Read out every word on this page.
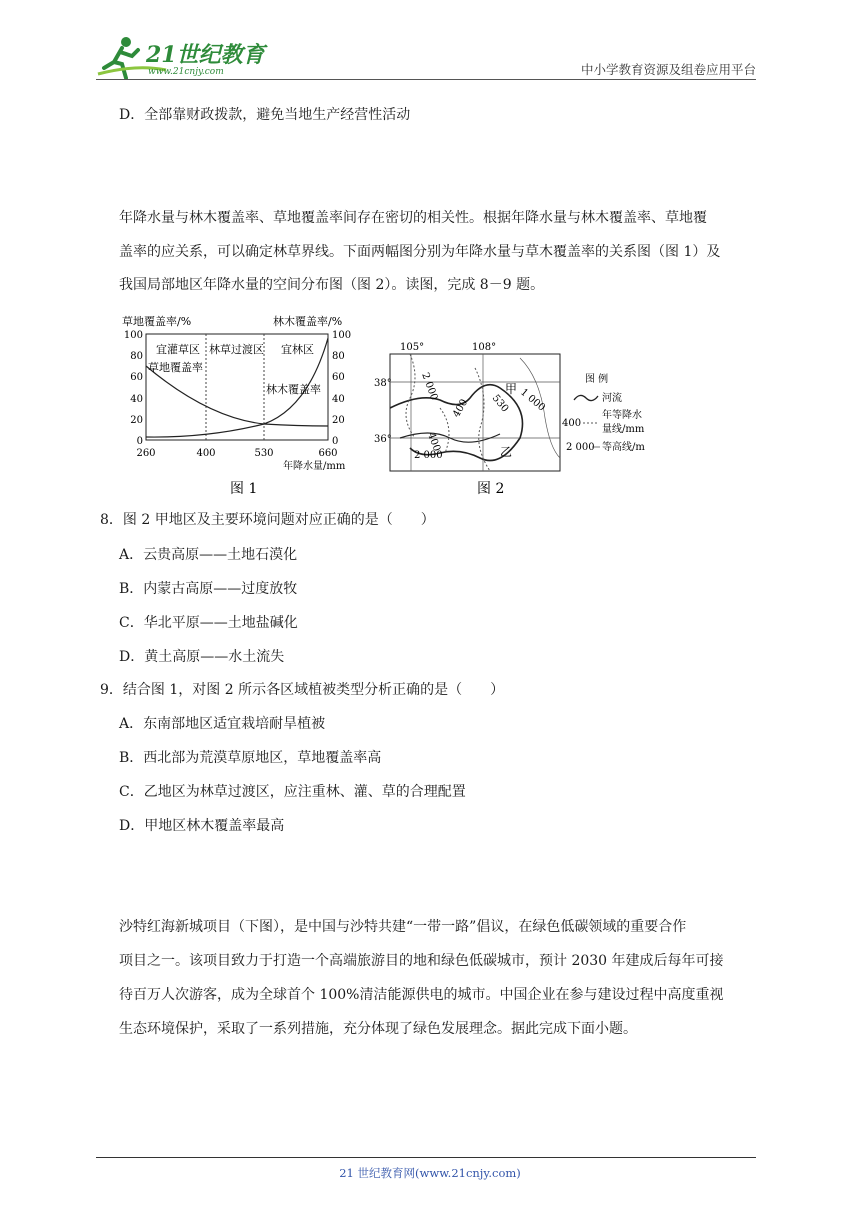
21世纪教育
www.21cnjy.com	中小学教育资源及组卷应用平台
D．全部靠财政拨款，避免当地生产经营性活动
年降水量与林木覆盖率、草地覆盖率间存在密切的相关性。根据年降水量与林木覆盖率、草地覆
盖率的应关系，可以确定林草界线。下面两幅图分别为年降水量与草木覆盖率的关系图（图 1）及
我国局部地区年降水量的空间分布图（图 2）。读图，完成 8－9 题。
草地覆盖率/%	林木覆盖率/%
宜灌草区 林草过渡区 宜林区
草地覆盖率
林木覆盖率
100
80
60
40
20
0
100
80
60
40
20
0
260	400	530	660
年降水量/mm
图 1
105°	108°
38°
36°
2 000
400 530 1 000
2 000
400
甲
乙
图 例
河流
400
年等降水
量线/mm
2 000 等高线/m
图 2
8．图 2 甲地区及主要环境问题对应正确的是（　　）
A．云贵高原——土地石漠化
B．内蒙古高原——过度放牧
C．华北平原——土地盐碱化
D．黄土高原——水土流失
9．结合图 1，对图 2 所示各区域植被类型分析正确的是（　　）
A．东南部地区适宜栽培耐旱植被
B．西北部为荒漠草原地区，草地覆盖率高
C．乙地区为林草过渡区，应注重林、灌、草的合理配置
D．甲地区林木覆盖率最高
沙特红海新城项目（下图），是中国与沙特共建“一带一路”倡议，在绿色低碳领域的重要合作
项目之一。该项目致力于打造一个高端旅游目的地和绿色低碳城市，预计 2030 年建成后每年可接
待百万人次游客，成为全球首个 100%清洁能源供电的城市。中国企业在参与建设过程中高度重视
生态环境保护，采取了一系列措施，充分体现了绿色发展理念。据此完成下面小题。
21 世纪教育网(www.21cnjy.com)
